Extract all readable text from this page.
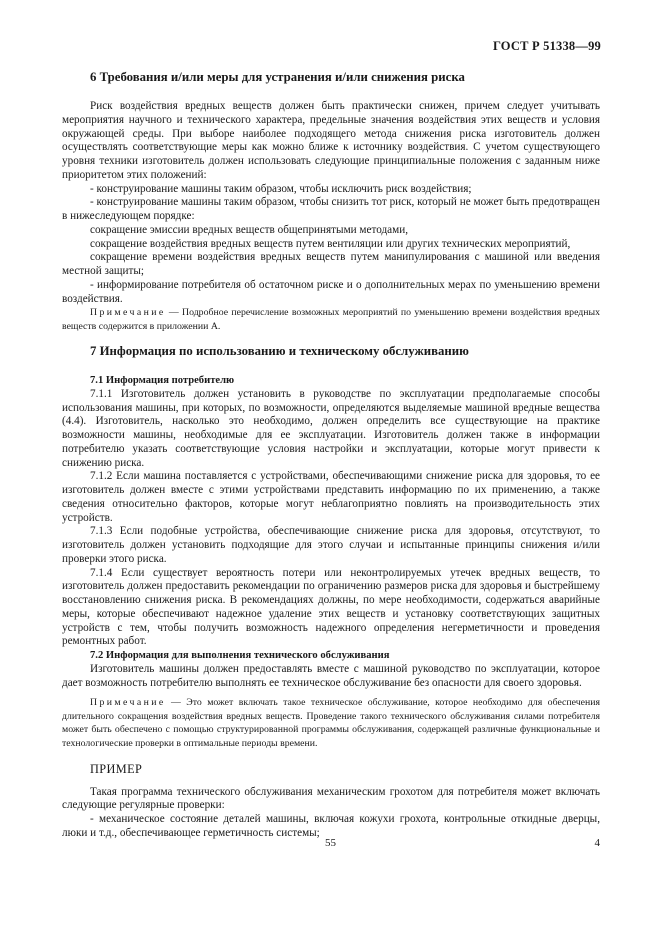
ГОСТ Р 51338—99
6 Требования и/или меры для устранения и/или снижения риска

Риск воздействия вредных веществ должен быть практически снижен, причем следует учитывать мероприятия научного и технического характера, предельные значения воздействия этих веществ и условия окружающей среды. При выборе наиболее подходящего метода снижения риска изготовитель должен осуществлять соответствующие меры как можно ближе к источнику воздействия. С учетом существующего уровня техники изготовитель должен использовать следующие принципиальные положения с заданным ниже приоритетом этих положений:

- конструирование машины таким образом, чтобы исключить риск воздействия;

- конструирование машины таким образом, чтобы снизить тот риск, который не может быть предотвращен в нижеследующем порядке:

сокращение эмиссии вредных веществ общепринятыми методами,

сокращение воздействия вредных веществ путем вентиляции или других технических мероприятий,

сокращение времени воздействия вредных веществ путем манипулирования с машиной или введения местной защиты;

- информирование потребителя об остаточном риске и о дополнительных мерах по уменьшению времени воздействия.

Примечание — Подробное перечисление возможных мероприятий по уменьшению времени воздействия вредных веществ содержится в приложении А.

7 Информация по использованию и техническому обслуживанию
7.1 Информация потребителю

7.1.1 Изготовитель должен установить в руководстве по эксплуатации предполагаемые способы использования машины, при которых, по возможности, определяются выделяемые машиной вредные вещества (4.4). Изготовитель, насколько это необходимо, должен определить все существующие на практике возможности машины, необходимые для ее эксплуатации. Изготовитель должен также в информации потребителю указать соответствующие условия настройки и эксплуатации, которые могут привести к снижению риска.

7.1.2 Если машина поставляется с устройствами, обеспечивающими снижение риска для здоровья, то ее изготовитель должен вместе с этими устройствами представить информацию по их применению, а также сведения относительно факторов, которые могут неблагоприятно повлиять на производительность этих устройств.

7.1.3 Если подобные устройства, обеспечивающие снижение риска для здоровья, отсутствуют, то изготовитель должен установить подходящие для этого случаи и испытанные принципы снижения и/или проверки этого риска.

7.1.4 Если существует вероятность потери или неконтролируемых утечек вредных веществ, то изготовитель должен предоставить рекомендации по ограничению размеров риска для здоровья и быстрейшему восстановлению снижения риска. В рекомендациях должны, по мере необходимости, содержаться аварийные меры, которые обеспечивают надежное удаление этих веществ и установку соответствующих защитных устройств с тем, чтобы получить возможность надежного определения негерметичности и проведения ремонтных работ.

7.2 Информация для выполнения технического обслуживания

Изготовитель машины должен предоставлять вместе с машиной руководство по эксплуатации, которое дает возможность потребителю выполнять ее техническое обслуживание без опасности для своего здоровья.

Примечание — Это может включать такое техническое обслуживание, которое необходимо для обеспечения длительного сокращения воздействия вредных веществ. Проведение такого технического обслуживания силами потребителя может быть обеспечено с помощью структурированной программы обслуживания, содержащей различные функциональные и технологические проверки в оптимальные периоды времени.

ПРИМЕР

Такая программа технического обслуживания механическим грохотом для потребителя может включать следующие регулярные проверки:

- механическое состояние деталей машины, включая кожухи грохота, контрольные откидные дверцы, люки и т.д., обеспечивающее герметичность системы;

55	4
